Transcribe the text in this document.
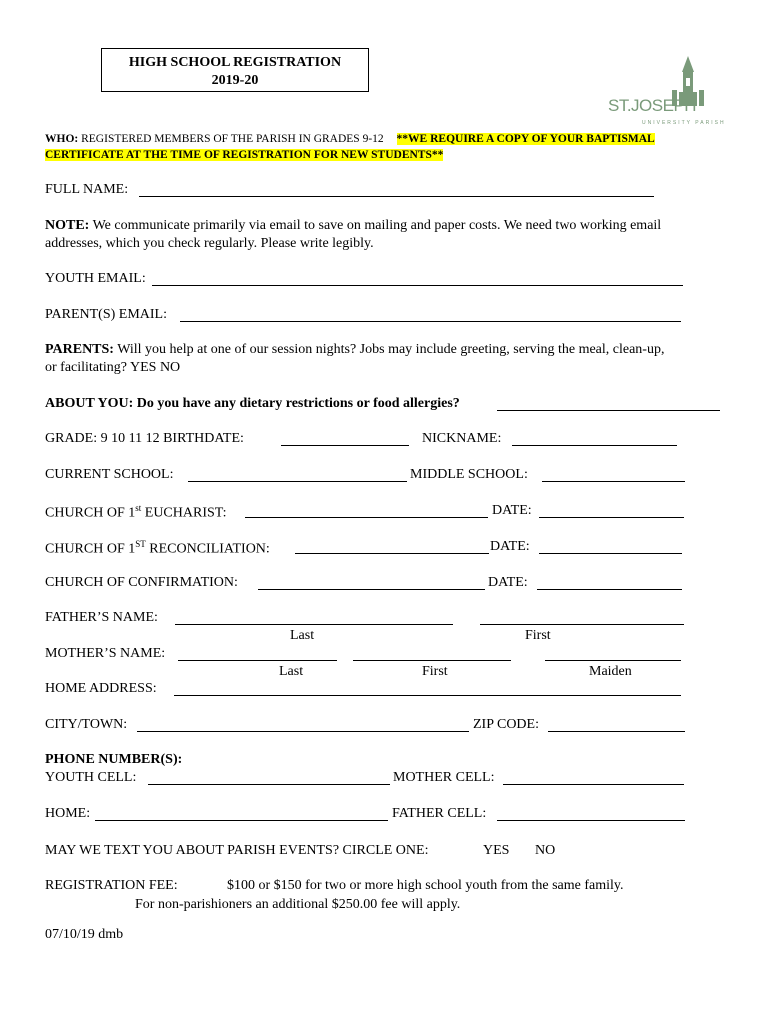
HIGH SCHOOL REGISTRATION
2019-20
ST.JOSEPH
UNIVERSITY PARISH
WHO: REGISTERED MEMBERS OF THE PARISH IN GRADES 9-12 **WE REQUIRE A COPY OF YOUR BAPTISMAL
CERTIFICATE AT THE TIME OF REGISTRATION FOR NEW STUDENTS**
FULL NAME:
NOTE: We communicate primarily via email to save on mailing and paper costs. We need two working email
addresses, which you check regularly. Please write legibly.
YOUTH EMAIL:
PARENT(S) EMAIL:
PARENTS: Will you help at one of our session nights? Jobs may include greeting, serving the meal, clean-up,
or facilitating? YES NO
ABOUT YOU: Do you have any dietary restrictions or food allergies?
GRADE: 9 10 11 12 BIRTHDATE:	NICKNAME:
CURRENT SCHOOL:	MIDDLE SCHOOL:
CHURCH OF 1st EUCHARIST:	DATE:
CHURCH OF 1ST RECONCILIATION:	DATE:
CHURCH OF CONFIRMATION:	DATE:
FATHER’S NAME:
Last	First
MOTHER’S NAME:
Last	First	Maiden
HOME ADDRESS:
CITY/TOWN:	ZIP CODE:
PHONE NUMBER(S):
YOUTH CELL:	MOTHER CELL:
HOME:	FATHER CELL:
MAY WE TEXT YOU ABOUT PARISH EVENTS? CIRCLE ONE:	YES NO
REGISTRATION FEE:	$100 or $150 for two or more high school youth from the same family.
For non-parishioners an additional $250.00 fee will apply.
07/10/19 dmb
